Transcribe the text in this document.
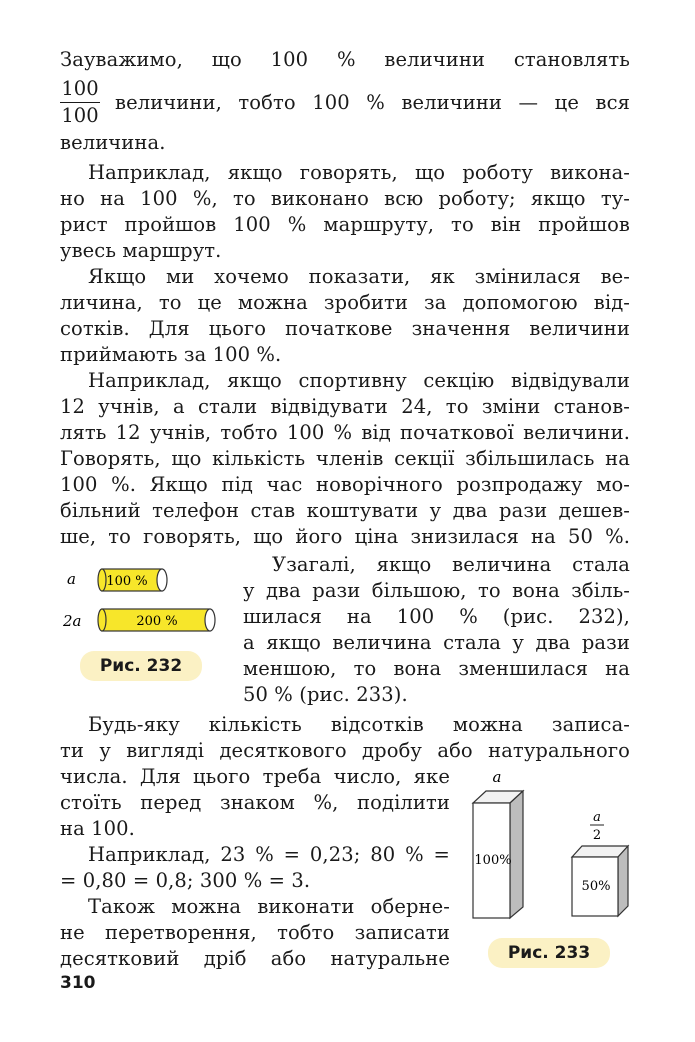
Зауважимо, що 100 % величини становлять

$\frac{100}{100}$ величини, тобто 100 % величини — це вся

величина.

Наприклад, якщо говорять, що роботу викона-

но на 100 %, то виконано всю роботу; якщо ту-

рист пройшов 100 % маршруту, то він пройшов

увесь маршрут.

Якщо ми хочемо показати, як змінилася ве-

личина, то це можна зробити за допомогою від-

сотків. Для цього початкове значення величини

приймають за 100 %.

Наприклад, якщо спортивну секцію відвідували

12 учнів, а стали відвідувати 24, то зміни станов-

лять 12 учнів, тобто 100 % від початкової величини.

Говорять, що кількість членів секції збільшилась на

100 %. Якщо під час новорічного розпродажу мо-

більний телефон став коштувати у два рази дешев-

ше, то говорять, що його ціна знизилася на 50 %.

Узагалі, якщо величина стала

у два рази більшою, то вона збіль-

шилася на 100 % (рис. 232),

а якщо величина стала у два рази

меншою, то вона зменшилася на

50 % (рис. 233).

a 100 %
2a	200 %
Рис. 232

Будь-яку кількість відсотків можна записа-

ти у вигляді десяткового дробу або натурального

числа. Для цього треба число, яке

стоїть перед знаком %, поділити

на 100.

Наприклад, 23 % = 0,23; 80 % =

= 0,80 = 0,8; 300 % = 3.

Також можна виконати оберне-

не перетворення, тобто записати

десятковий дріб або натуральне

a
100%
a
2
50%
Рис. 233
310
